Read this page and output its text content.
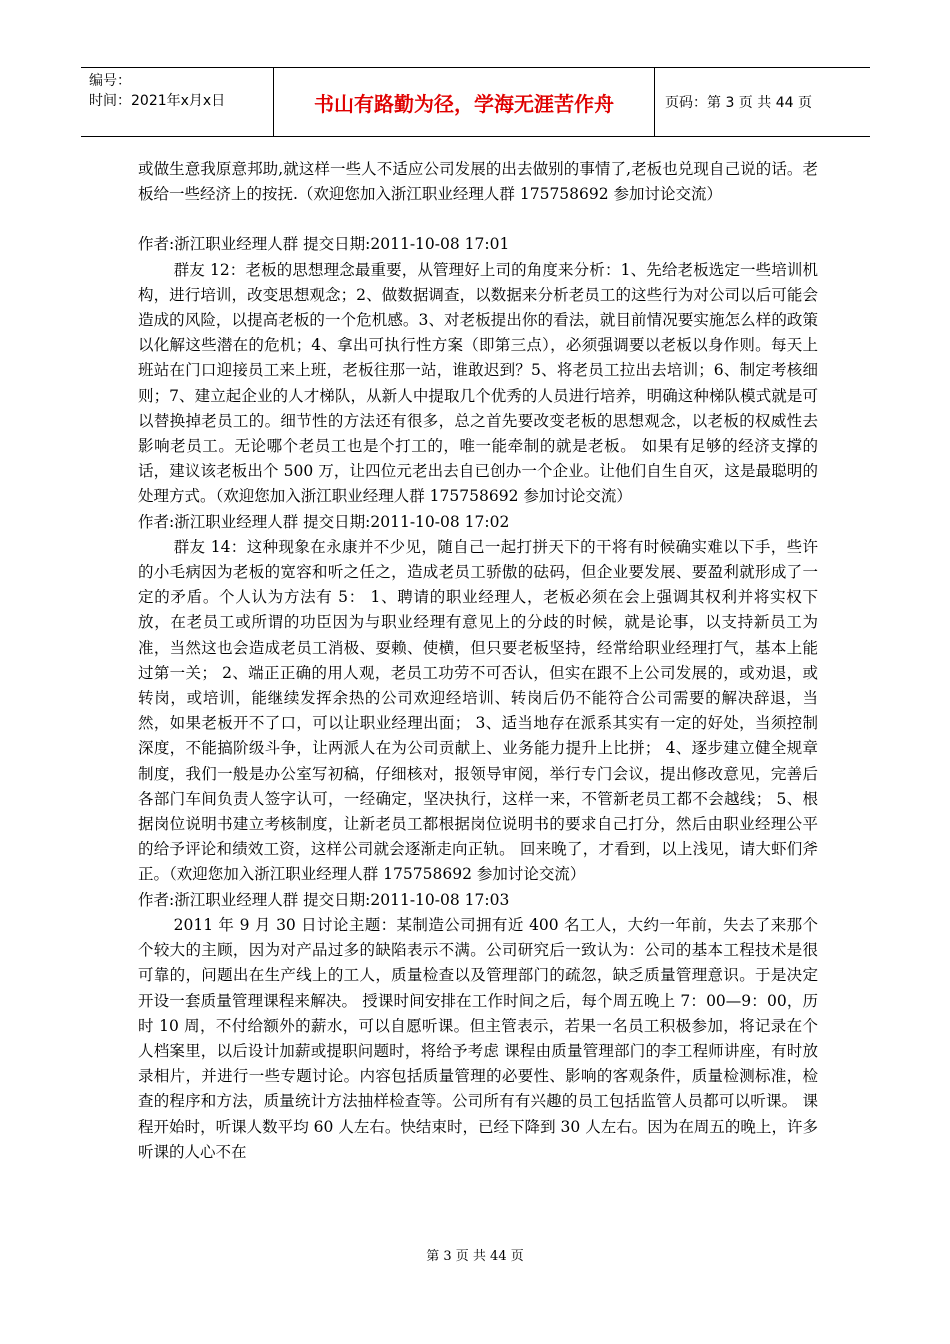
编号：
时间：2021年x月x日	书山有路勤为径，学海无涯苦作舟	页码：第 3 页 共 44 页

或做生意我原意邦助,就这样一些人不适应公司发展的出去做别的事情了,老板也兑现自己说的话。老板给一些经济上的按抚.（欢迎您加入浙江职业经理人群 175758692 参加讨论交流）

作者:浙江职业经理人群 提交日期:2011-10-08 17:01

群友 12：老板的思想理念最重要，从管理好上司的角度来分析：1、先给老板选定一些培训机构，进行培训，改变思想观念；2、做数据调查，以数据来分析老员工的这些行为对公司以后可能会造成的风险，以提高老板的一个危机感。3、对老板提出你的看法，就目前情况要实施怎么样的政策以化解这些潜在的危机；4、拿出可执行性方案（即第三点），必须强调要以老板以身作则。每天上班站在门口迎接员工来上班，老板往那一站，谁敢迟到？5、将老员工拉出去培训；6、制定考核细则；7、建立起企业的人才梯队，从新人中提取几个优秀的人员进行培养，明确这种梯队模式就是可以替换掉老员工的。细节性的方法还有很多，总之首先要改变老板的思想观念，以老板的权威性去影响老员工。无论哪个老员工也是个打工的，唯一能牵制的就是老板。 如果有足够的经济支撑的话，建议该老板出个 500 万，让四位元老出去自已创办一个企业。让他们自生自灭，这是最聪明的处理方式。（欢迎您加入浙江职业经理人群 175758692 参加讨论交流）

作者:浙江职业经理人群 提交日期:2011-10-08 17:02

群友 14：这种现象在永康并不少见，随自己一起打拼天下的干将有时候确实难以下手，些许的小毛病因为老板的宽容和听之任之，造成老员工骄傲的砝码，但企业要发展、要盈利就形成了一定的矛盾。个人认为方法有 5： 1、聘请的职业经理人，老板必须在会上强调其权利并将实权下放，在老员工或所谓的功臣因为与职业经理有意见上的分歧的时候，就是论事，以支持新员工为准，当然这也会造成老员工消极、耍赖、使横，但只要老板坚持，经常给职业经理打气，基本上能过第一关； 2、端正正确的用人观，老员工功劳不可否认，但实在跟不上公司发展的，或劝退，或转岗，或培训，能继续发挥余热的公司欢迎经培训、转岗后仍不能符合公司需要的解决辞退，当然，如果老板开不了口，可以让职业经理出面； 3、适当地存在派系其实有一定的好处，当须控制深度，不能搞阶级斗争，让两派人在为公司贡献上、业务能力提升上比拼； 4、逐步建立健全规章制度，我们一般是办公室写初稿，仔细核对，报领导审阅，举行专门会议，提出修改意见，完善后各部门车间负责人签字认可，一经确定，坚决执行，这样一来，不管新老员工都不会越线； 5、根据岗位说明书建立考核制度，让新老员工都根据岗位说明书的要求自己打分，然后由职业经理公平的给予评论和绩效工资，这样公司就会逐渐走向正轨。 回来晚了，才看到，以上浅见，请大虾们斧正。（欢迎您加入浙江职业经理人群 175758692 参加讨论交流）

作者:浙江职业经理人群 提交日期:2011-10-08 17:03

2011 年 9 月 30 日讨论主题：某制造公司拥有近 400 名工人，大约一年前，失去了来那个个较大的主顾，因为对产品过多的缺陷表示不满。公司研究后一致认为：公司的基本工程技术是很可靠的，问题出在生产线上的工人，质量检查以及管理部门的疏忽，缺乏质量管理意识。于是决定开设一套质量管理课程来解决。 授课时间安排在工作时间之后，每个周五晚上 7：00—9：00，历时 10 周，不付给额外的薪水，可以自愿听课。但主管表示，若果一名员工积极参加，将记录在个人档案里，以后设计加薪或提职问题时，将给予考虑 课程由质量管理部门的李工程师讲座，有时放录相片，并进行一些专题讨论。内容包括质量管理的必要性、影响的客观条件，质量检测标准，检查的程序和方法，质量统计方法抽样检查等。公司所有有兴趣的员工包括监管人员都可以听课。 课程开始时，听课人数平均 60 人左右。快结束时，已经下降到 30 人左右。因为在周五的晚上，许多听课的人心不在

第 3 页 共 44 页
